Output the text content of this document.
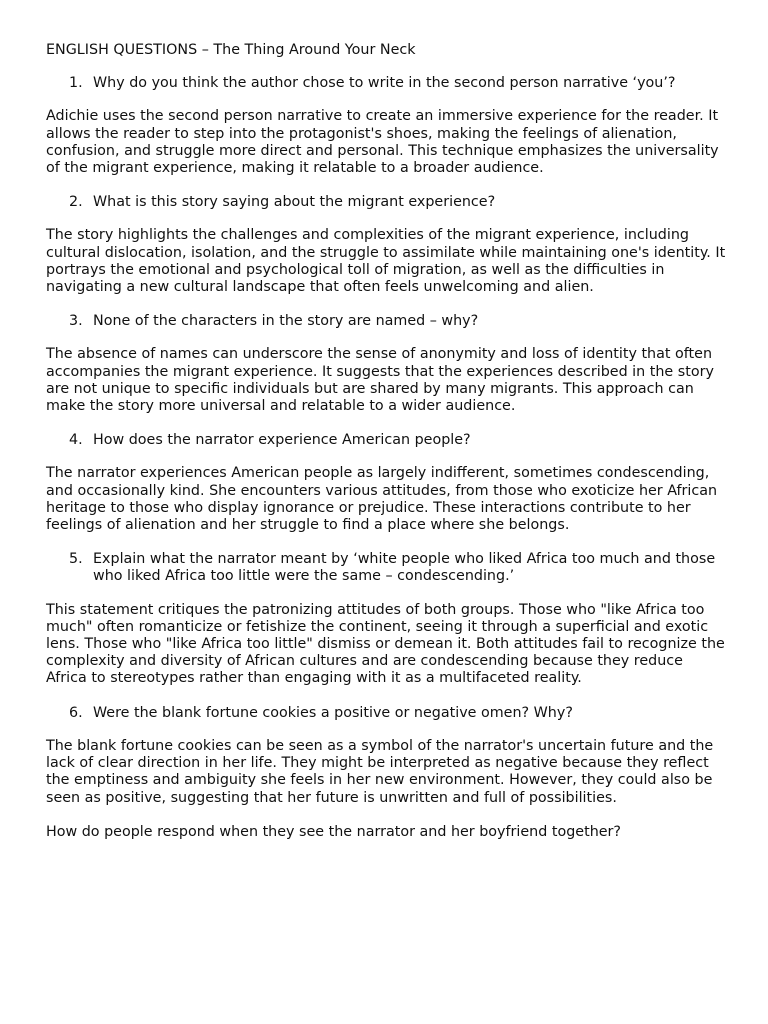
ENGLISH QUESTIONS – The Thing Around Your Neck

1. Why do you think the author chose to write in the second person narrative ‘you’?

Adichie uses the second person narrative to create an immersive experience for the reader. It allows the reader to step into the protagonist's shoes, making the feelings of alienation, confusion, and struggle more direct and personal. This technique emphasizes the universality of the migrant experience, making it relatable to a broader audience.

2. What is this story saying about the migrant experience?

The story highlights the challenges and complexities of the migrant experience, including cultural dislocation, isolation, and the struggle to assimilate while maintaining one's identity. It portrays the emotional and psychological toll of migration, as well as the difficulties in navigating a new cultural landscape that often feels unwelcoming and alien.

3. None of the characters in the story are named – why?

The absence of names can underscore the sense of anonymity and loss of identity that often accompanies the migrant experience. It suggests that the experiences described in the story are not unique to specific individuals but are shared by many migrants. This approach can make the story more universal and relatable to a wider audience.

4. How does the narrator experience American people?

The narrator experiences American people as largely indifferent, sometimes condescending, and occasionally kind. She encounters various attitudes, from those who exoticize her African heritage to those who display ignorance or prejudice. These interactions contribute to her feelings of alienation and her struggle to find a place where she belongs.

5. Explain what the narrator meant by ‘white people who liked Africa too much and those who liked Africa too little were the same – condescending.’

This statement critiques the patronizing attitudes of both groups. Those who "like Africa too much" often romanticize or fetishize the continent, seeing it through a superficial and exotic lens. Those who "like Africa too little" dismiss or demean it. Both attitudes fail to recognize the complexity and diversity of African cultures and are condescending because they reduce Africa to stereotypes rather than engaging with it as a multifaceted reality.

6. Were the blank fortune cookies a positive or negative omen? Why?

The blank fortune cookies can be seen as a symbol of the narrator's uncertain future and the lack of clear direction in her life. They might be interpreted as negative because they reflect the emptiness and ambiguity she feels in her new environment. However, they could also be seen as positive, suggesting that her future is unwritten and full of possibilities.

How do people respond when they see the narrator and her boyfriend together?
